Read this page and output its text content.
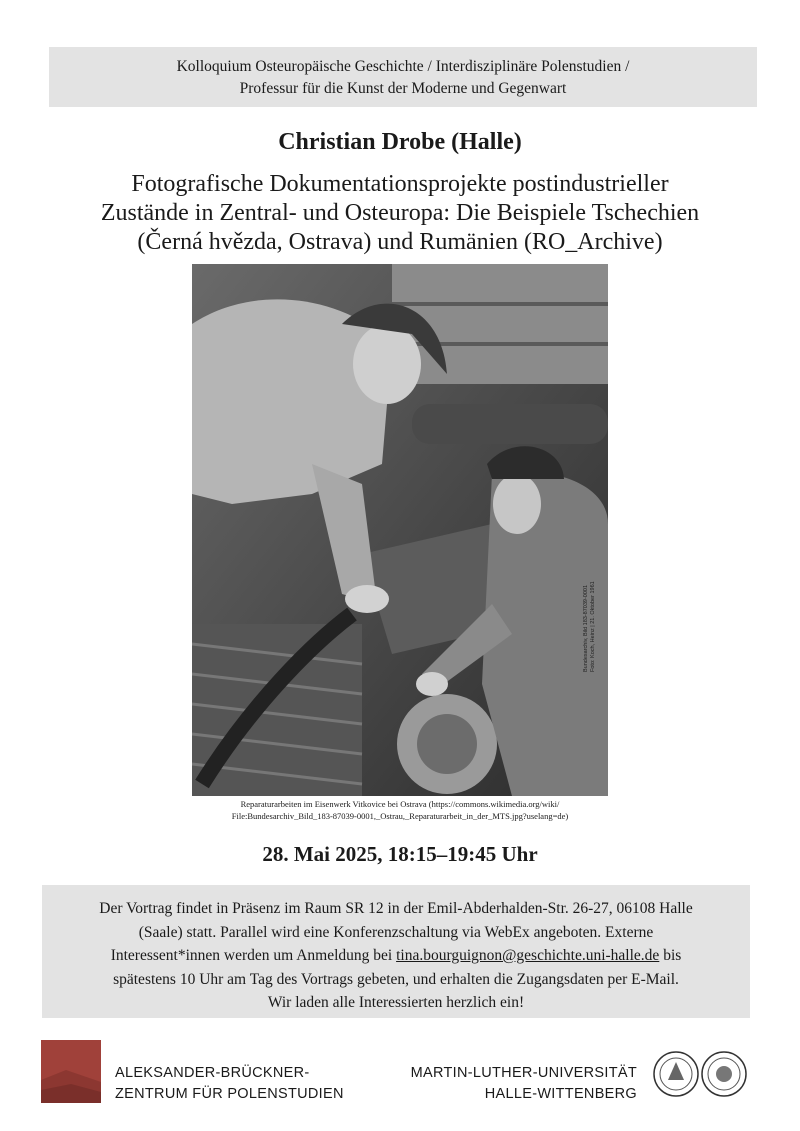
Kolloquium Osteuropäische Geschichte / Interdisziplinäre Polenstudien /
Professur für die Kunst der Moderne und Gegenwart
Christian Drobe (Halle)
Fotografische Dokumentationsprojekte postindustrieller
Zustände in Zentral- und Osteuropa: Die Beispiele Tschechien
(Černá hvězda, Ostrava) und Rumänien (RO_Archive)
Bundesarchiv, Bild 183-87039-0001 Foto: Koch, Heinz | 21. Oktober 1961
Reparaturarbeiten im Eisenwerk Vitkovice bei Ostrava (https://commons.wikimedia.org/wiki/
File:Bundesarchiv_Bild_183-87039-0001,_Ostrau,_Reparaturarbeit_in_der_MTS.jpg?uselang=de)
28. Mai 2025, 18:15–19:45 Uhr
Der Vortrag findet in Präsenz im Raum SR 12 in der Emil-Abderhalden-Str. 26-27, 06108 Halle
(Saale) statt. Parallel wird eine Konferenzschaltung via WebEx angeboten. Externe
Interessent*innen werden um Anmeldung bei tina.bourguignon@geschichte.uni-halle.de bis
spätestens 10 Uhr am Tag des Vortrags gebeten, und erhalten die Zugangsdaten per E-Mail.
Wir laden alle Interessierten herzlich ein!
ALEKSANDER-BRÜCKNER-
ZENTRUM FÜR POLENSTUDIEN
MARTIN-LUTHER-UNIVERSITÄT
HALLE-WITTENBERG
